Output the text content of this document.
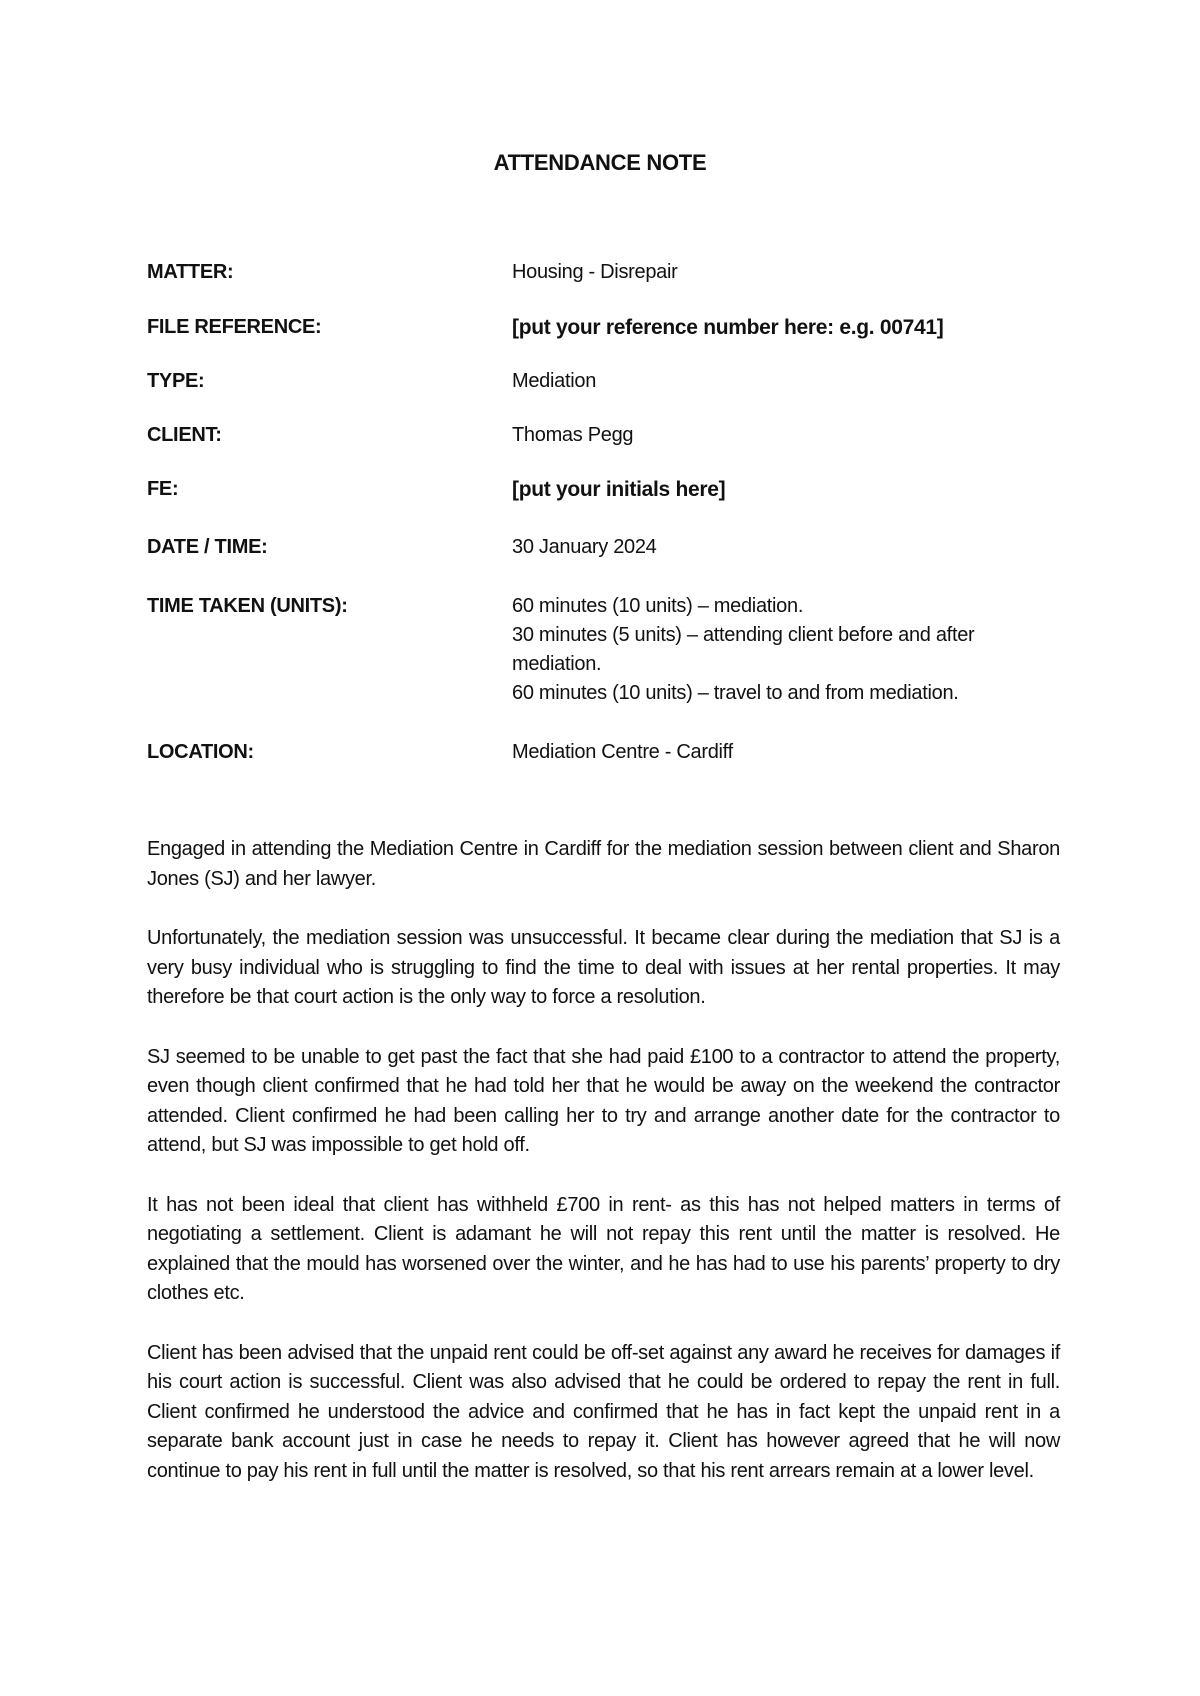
ATTENDANCE NOTE
MATTER:	Housing - Disrepair
FILE REFERENCE:	[put your reference number here: e.g. 00741]
TYPE:	Mediation
CLIENT:	Thomas Pegg
FE:	[put your initials here]
DATE / TIME:	30 January 2024
TIME TAKEN (UNITS):	60 minutes (10 units) – mediation.
30 minutes (5 units) – attending client before and after mediation.
60 minutes (10 units) – travel to and from mediation.
LOCATION:	Mediation Centre - Cardiff

Engaged in attending the Mediation Centre in Cardiff for the mediation session between client and Sharon Jones (SJ) and her lawyer.

Unfortunately, the mediation session was unsuccessful. It became clear during the mediation that SJ is a very busy individual who is struggling to find the time to deal with issues at her rental properties. It may therefore be that court action is the only way to force a resolution.

SJ seemed to be unable to get past the fact that she had paid £100 to a contractor to attend the property, even though client confirmed that he had told her that he would be away on the weekend the contractor attended. Client confirmed he had been calling her to try and arrange another date for the contractor to attend, but SJ was impossible to get hold off.

It has not been ideal that client has withheld £700 in rent- as this has not helped matters in terms of negotiating a settlement. Client is adamant he will not repay this rent until the matter is resolved. He explained that the mould has worsened over the winter, and he has had to use his parents’ property to dry clothes etc.

Client has been advised that the unpaid rent could be off-set against any award he receives for damages if his court action is successful. Client was also advised that he could be ordered to repay the rent in full. Client confirmed he understood the advice and confirmed that he has in fact kept the unpaid rent in a separate bank account just in case he needs to repay it. Client has however agreed that he will now continue to pay his rent in full until the matter is resolved, so that his rent arrears remain at a lower level.
